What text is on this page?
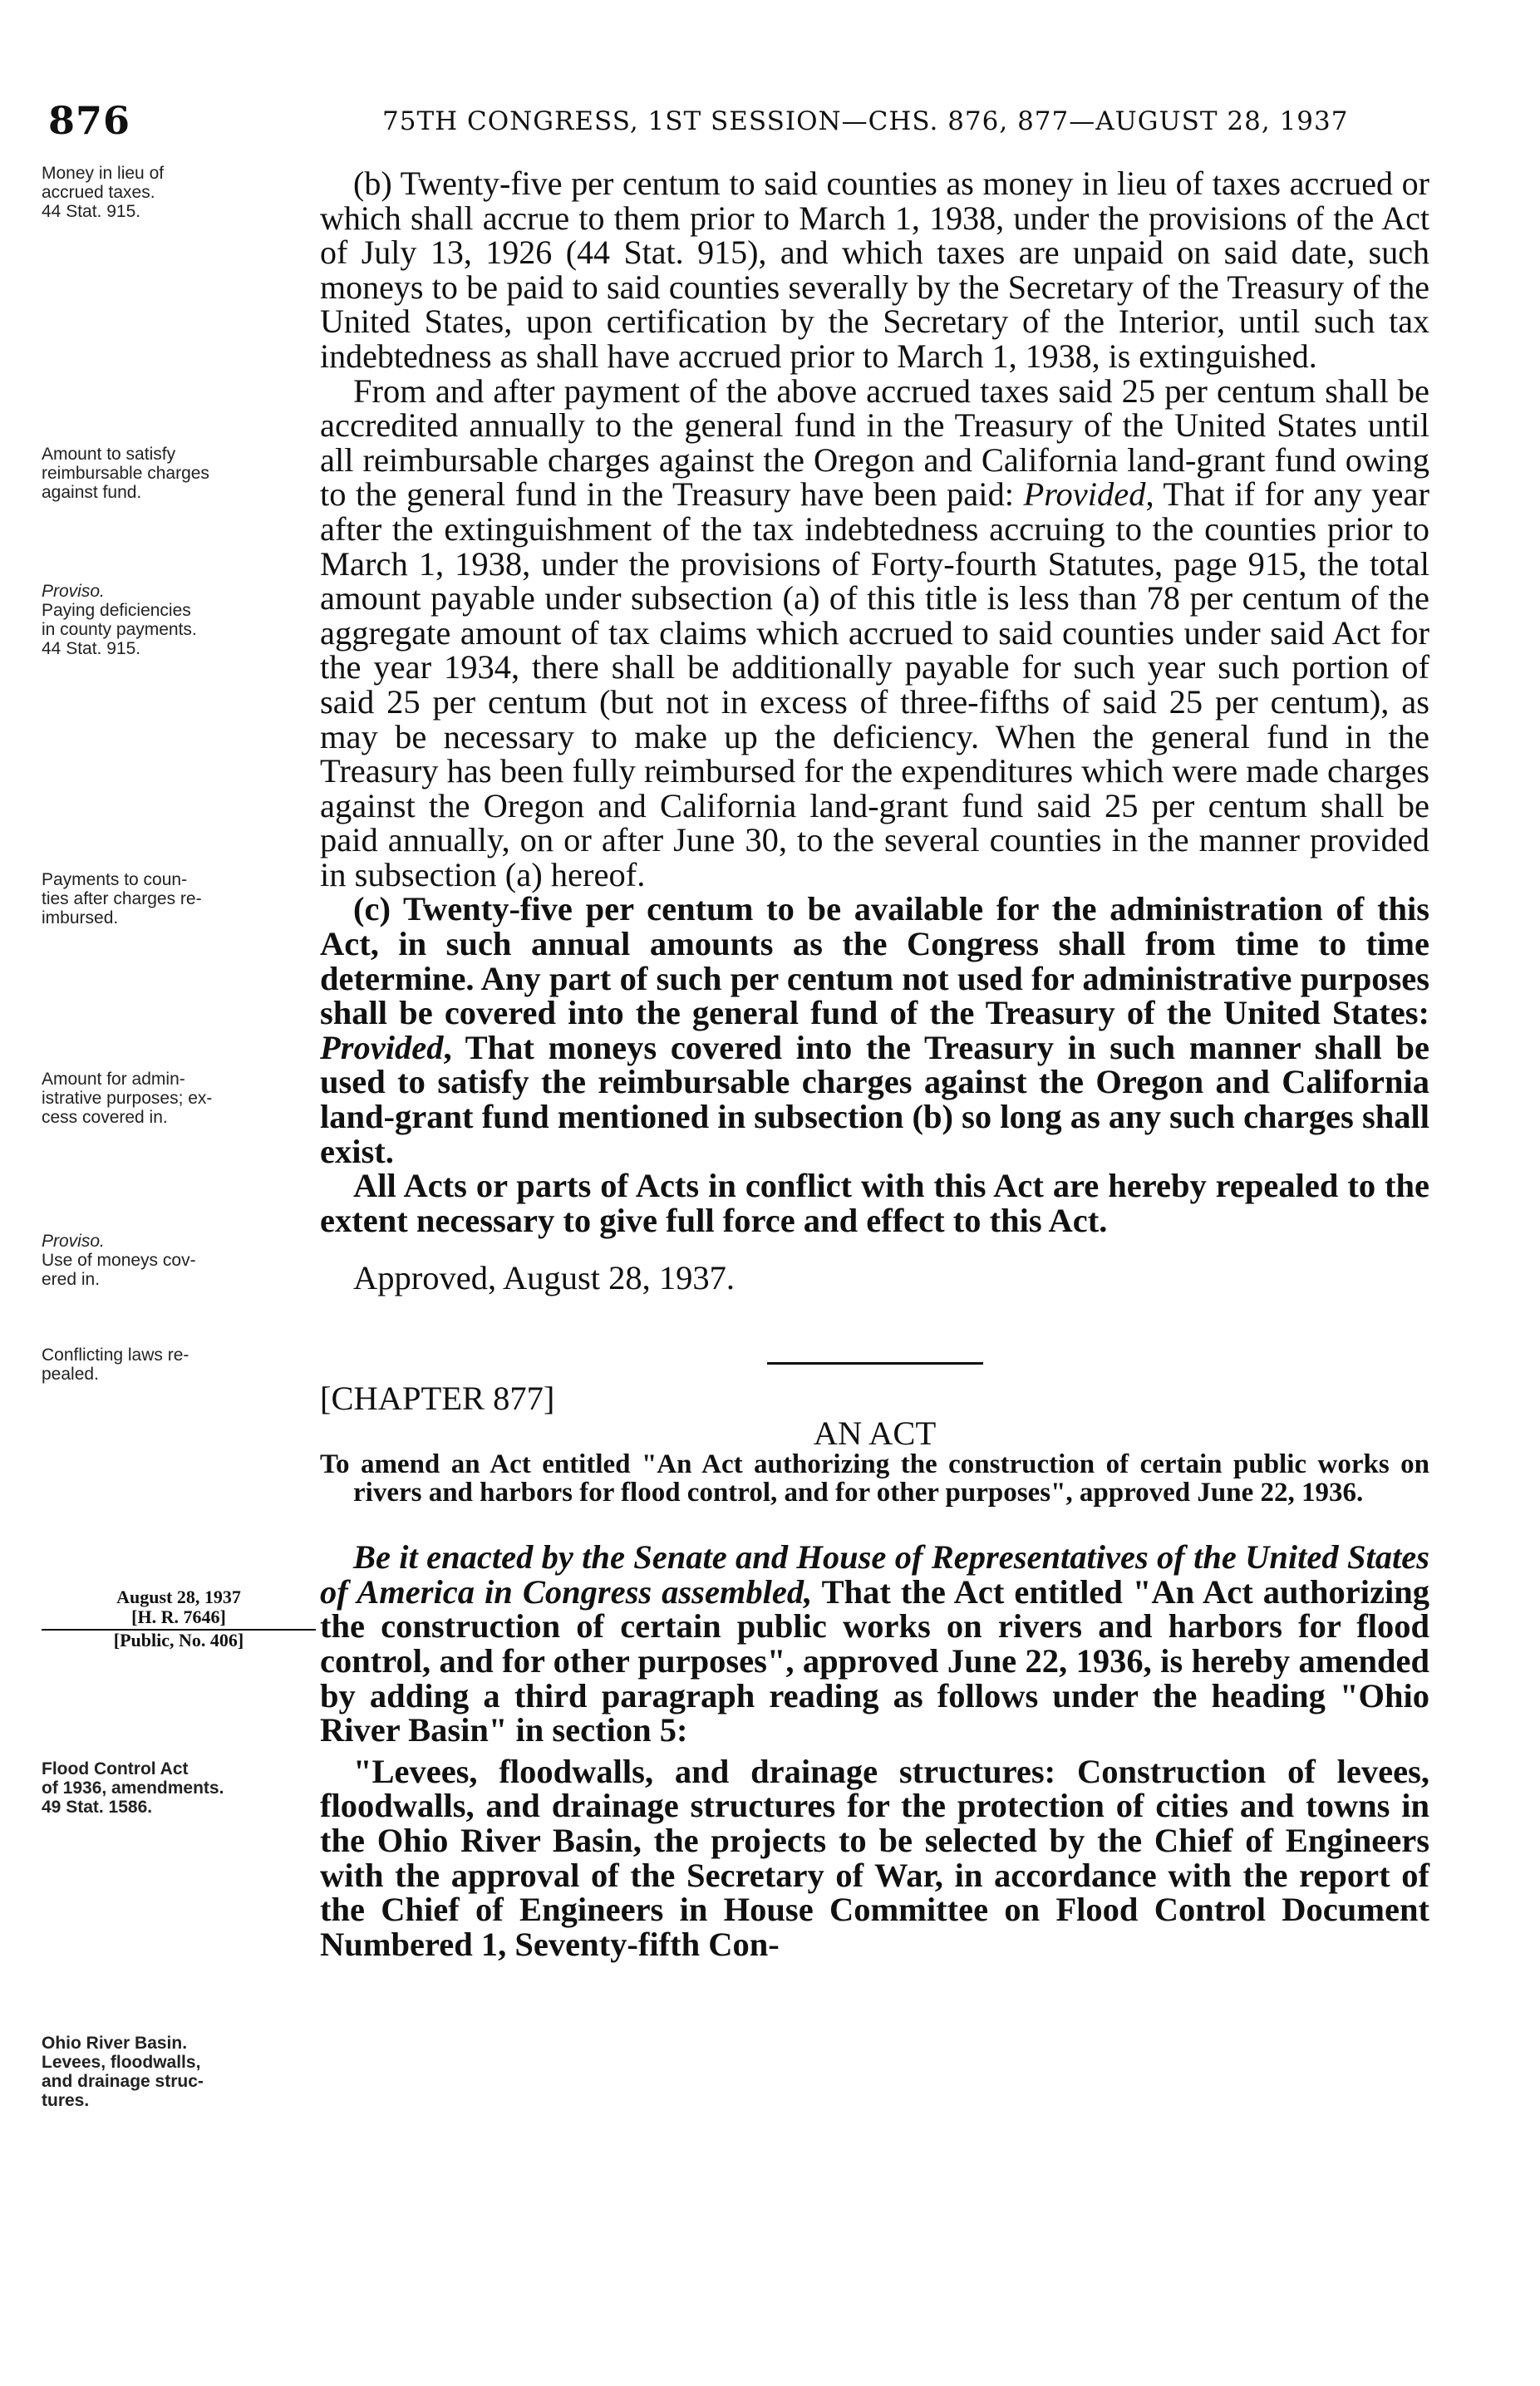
876	75TH CONGRESS, 1ST SESSION—CHS. 876, 877—AUGUST 28, 1937
Money in lieu of
accrued taxes.
44 Stat. 915.
Amount to satisfy
reimbursable charges
against fund.
Proviso.
Paying deficiencies
in county payments.
44 Stat. 915.
Payments to coun-
ties after charges re-
imbursed.
Amount for admin-
istrative purposes; ex-
cess covered in.
Proviso.
Use of moneys cov-
ered in.
Conflicting laws re-
pealed.
August 28, 1937
[H. R. 7646]
[Public, No. 406]
Flood Control Act
of 1936, amendments.
49 Stat. 1586.
Ohio River Basin.
Levees, floodwalls,
and drainage struc-
tures.

(b) Twenty-five per centum to said counties as money in lieu of taxes accrued or which shall accrue to them prior to March 1, 1938, under the provisions of the Act of July 13, 1926 (44 Stat. 915), and which taxes are unpaid on said date, such moneys to be paid to said counties severally by the Secretary of the Treasury of the United States, upon certification by the Secretary of the Interior, until such tax indebtedness as shall have accrued prior to March 1, 1938, is extinguished.

From and after payment of the above accrued taxes said 25 per centum shall be accredited annually to the general fund in the Treasury of the United States until all reimbursable charges against the Oregon and California land-grant fund owing to the general fund in the Treasury have been paid: Provided, That if for any year after the extinguishment of the tax indebtedness accruing to the counties prior to March 1, 1938, under the provisions of Forty-fourth Statutes, page 915, the total amount payable under subsection (a) of this title is less than 78 per centum of the aggregate amount of tax claims which accrued to said counties under said Act for the year 1934, there shall be additionally payable for such year such portion of said 25 per centum (but not in excess of three-fifths of said 25 per centum), as may be necessary to make up the deficiency. When the general fund in the Treasury has been fully reimbursed for the expenditures which were made charges against the Oregon and California land-grant fund said 25 per centum shall be paid annually, on or after June 30, to the several counties in the manner provided in subsection (a) hereof.

(c) Twenty-five per centum to be available for the administration of this Act, in such annual amounts as the Congress shall from time to time determine. Any part of such per centum not used for administrative purposes shall be covered into the general fund of the Treasury of the United States: Provided, That moneys covered into the Treasury in such manner shall be used to satisfy the reimbursable charges against the Oregon and California land-grant fund mentioned in subsection (b) so long as any such charges shall exist.

All Acts or parts of Acts in conflict with this Act are hereby repealed to the extent necessary to give full force and effect to this Act.

Approved, August 28, 1937.

[CHAPTER 877]

AN ACT

To amend an Act entitled "An Act authorizing the construction of certain public works on rivers and harbors for flood control, and for other purposes", approved June 22, 1936.

Be it enacted by the Senate and House of Representatives of the United States of America in Congress assembled, That the Act entitled "An Act authorizing the construction of certain public works on rivers and harbors for flood control, and for other purposes", approved June 22, 1936, is hereby amended by adding a third paragraph reading as follows under the heading "Ohio River Basin" in section 5:

"Levees, floodwalls, and drainage structures: Construction of levees, floodwalls, and drainage structures for the protection of cities and towns in the Ohio River Basin, the projects to be selected by the Chief of Engineers with the approval of the Secretary of War, in accordance with the report of the Chief of Engineers in House Committee on Flood Control Document Numbered 1, Seventy-fifth Con-
